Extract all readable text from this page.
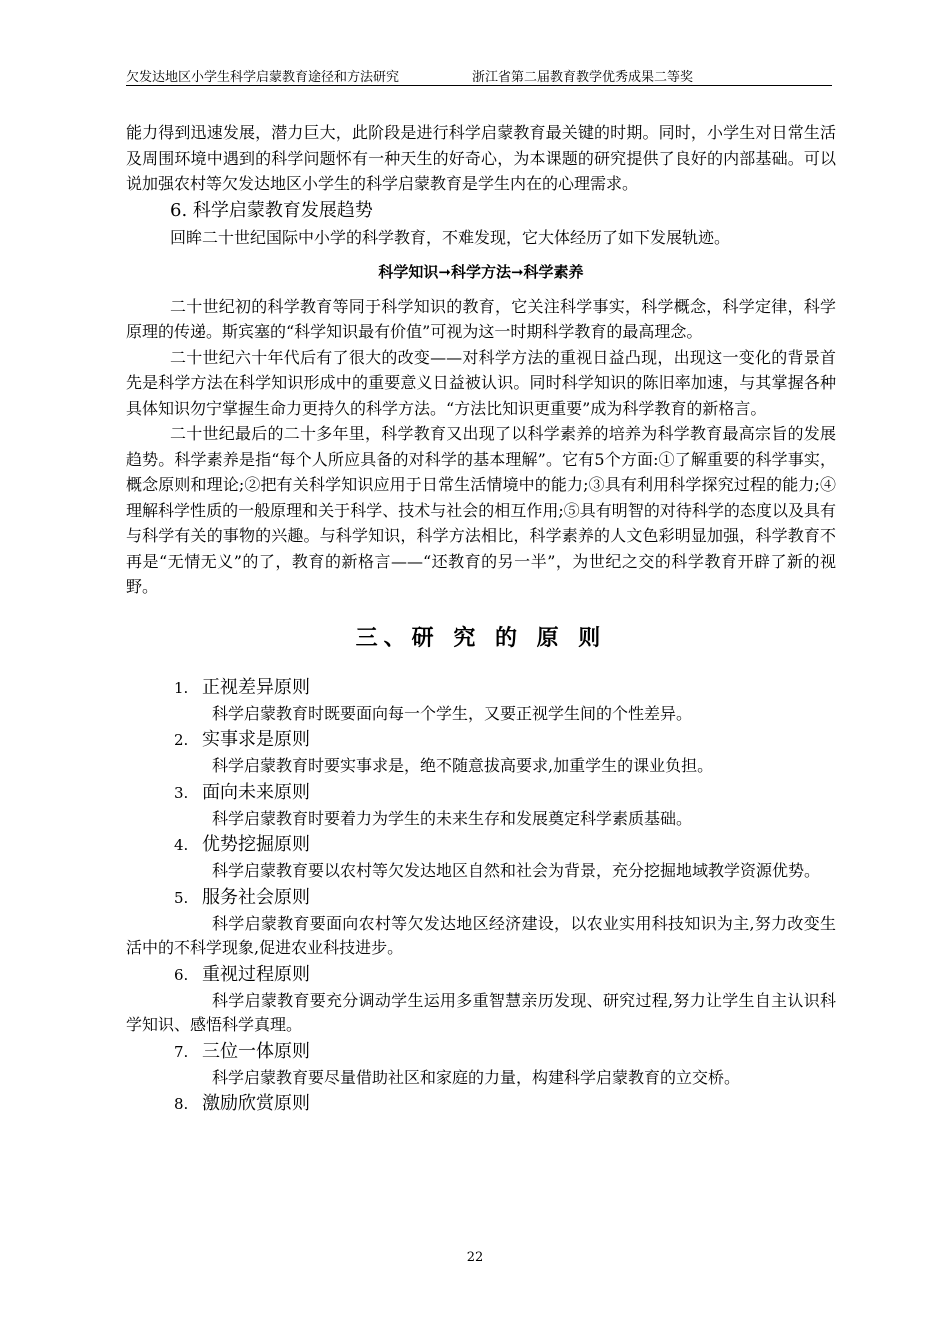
欠发达地区小学生科学启蒙教育途径和方法研究	浙江省第二届教育教学优秀成果二等奖

能力得到迅速发展，潜力巨大，此阶段是进行科学启蒙教育最关键的时期。同时，小学生对日常生活及周围环境中遇到的科学问题怀有一种天生的好奇心，为本课题的研究提供了良好的内部基础。可以说加强农村等欠发达地区小学生的科学启蒙教育是学生内在的心理需求。

6. 科学启蒙教育发展趋势

回眸二十世纪国际中小学的科学教育，不难发现，它大体经历了如下发展轨迹。

科学知识➞科学方法➞科学素养

二十世纪初的科学教育等同于科学知识的教育，它关注科学事实，科学概念，科学定律，科学原理的传递。斯宾塞的“科学知识最有价值”可视为这一时期科学教育的最高理念。

二十世纪六十年代后有了很大的改变——对科学方法的重视日益凸现，出现这一变化的背景首先是科学方法在科学知识形成中的重要意义日益被认识。同时科学知识的陈旧率加速，与其掌握各种具体知识勿宁掌握生命力更持久的科学方法。“方法比知识更重要”成为科学教育的新格言。

二十世纪最后的二十多年里，科学教育又出现了以科学素养的培养为科学教育最高宗旨的发展趋势。科学素养是指“每个人所应具备的对科学的基本理解”。它有5个方面:①了解重要的科学事实，概念原则和理论;②把有关科学知识应用于日常生活情境中的能力;③具有利用科学探究过程的能力;④理解科学性质的一般原理和关于科学、技术与社会的相互作用;⑤具有明智的对待科学的态度以及具有与科学有关的事物的兴趣。与科学知识，科学方法相比，科学素养的人文色彩明显加强，科学教育不再是“无情无义”的了，教育的新格言——“还教育的另一半”，为世纪之交的科学教育开辟了新的视野。

三、研 究 的 原 则
1. 正视差异原则

科学启蒙教育时既要面向每一个学生，又要正视学生间的个性差异。

2. 实事求是原则

科学启蒙教育时要实事求是，绝不随意拔高要求,加重学生的课业负担。

3. 面向未来原则

科学启蒙教育时要着力为学生的未来生存和发展奠定科学素质基础。

4. 优势挖掘原则

科学启蒙教育要以农村等欠发达地区自然和社会为背景，充分挖掘地域教学资源优势。

5. 服务社会原则

科学启蒙教育要面向农村等欠发达地区经济建设，以农业实用科技知识为主,努力改变生活中的不科学现象,促进农业科技进步。

6. 重视过程原则

科学启蒙教育要充分调动学生运用多重智慧亲历发现、研究过程,努力让学生自主认识科学知识、感悟科学真理。

7. 三位一体原则

科学启蒙教育要尽量借助社区和家庭的力量，构建科学启蒙教育的立交桥。

8. 激励欣赏原则
22
